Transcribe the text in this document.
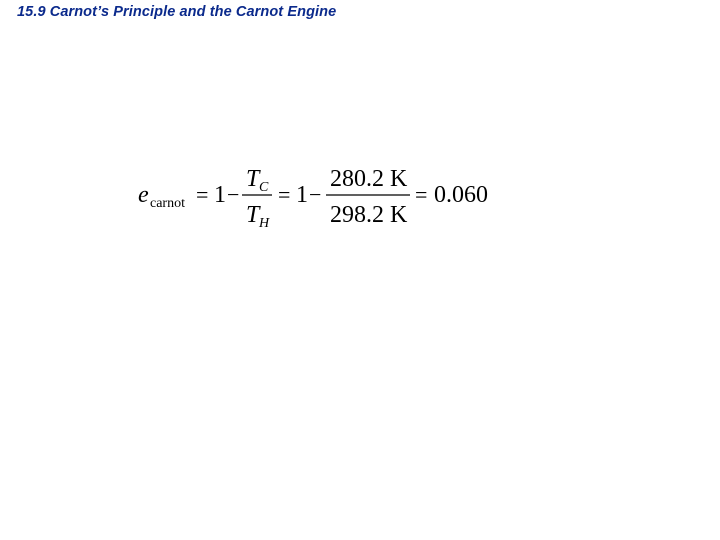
15.9 Carnot’s Principle and the Carnot Engine
e carnot = 1 −
T C
T H
= 1 −
280.2 K
298.2 K
= 0.060
